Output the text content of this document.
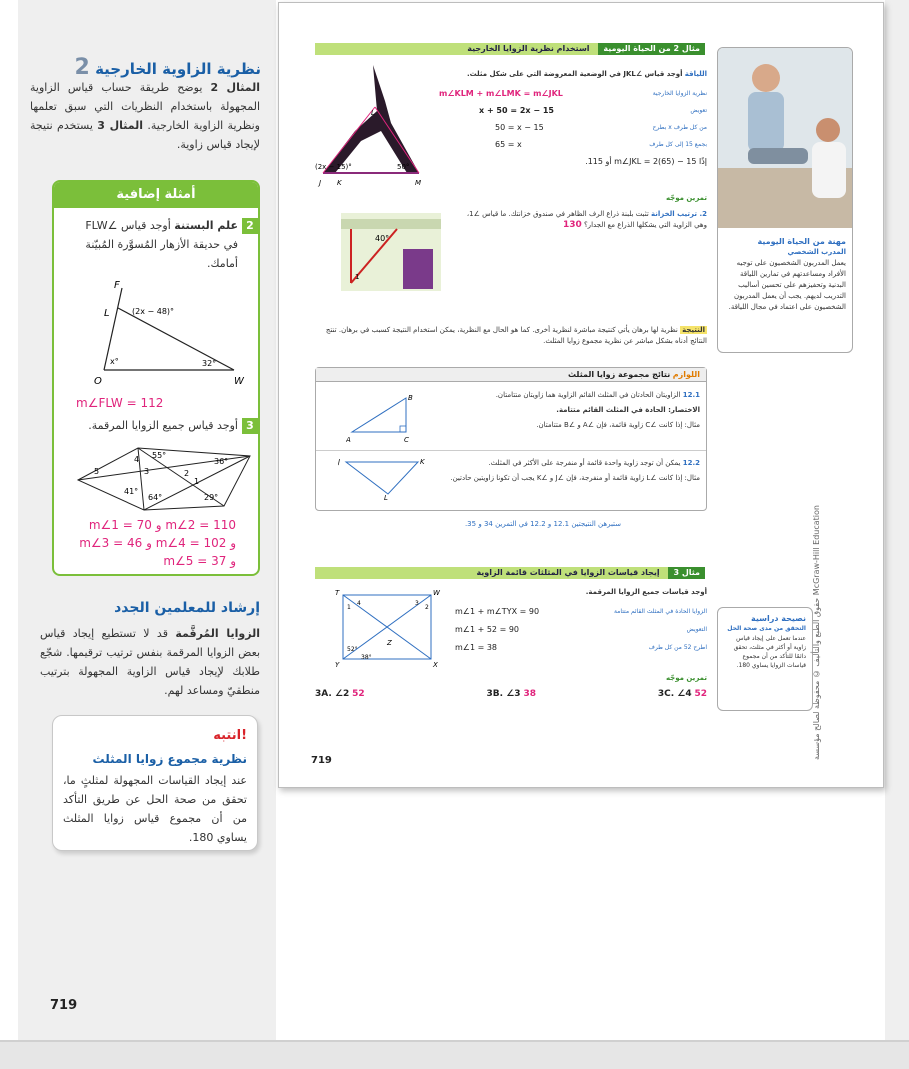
نظرية الزاوية الخارجية 2
المثال 2 يوضح طريقة حساب قياس الزاوية المجهولة باستخدام النظريات التي سبق تعلمها ونظرية الزاوية الخارجية. المثال 3 يستخدم نتيجة لإيجاد قياس زاوية.
أمثلة إضافية
2
علم البستنة أوجد قياس ∠FLW في حديقة الأزهار المُسوَّرة المُبيّنة أمامك.
F
L
O	W
(2x − 48)°
x°	32°
m∠FLW = 112
3
أوجد قياس جميع الزوايا المرقمة.
4 55°
5
36°
3	2
1
41°
64°	29°
m∠2 = 110 و m∠1 = 70
و m∠4 = 102 و m∠3 = 46
و m∠5 = 37
إرشاد للمعلمين الجدد
الزوايا المُرقَّمة قد لا تستطيع إيجاد قياس بعض الزوايا المرقمة بنفس ترتيب ترقيمها. شجّع طلابك لإيجاد قياس الزاوية المجهولة بترتيب منطقيّ ومساعد لهم.
انتبه!
نظرية مجموع زوايا المثلث
عند إيجاد القياسات المجهولة لمثلثٍ ما، تحقق من صحة الحل عن طريق التأكد من أن مجموع قياس زوايا المثلث يساوي 180.
719
مثال 2 من الحياة اليومية استخدام نظرية الزوايا الخارجية
(2x − 15)°	50°
J K
L
M
اللياقة أوجد قياس ∠JKL في الوضعية المعروضة التي على شكل مثلث.
m∠KLM + m∠LMK = m∠JKL	نظرية الزوايا الخارجية
x + 50 = 2x − 15	تعويض
50 = x − 15	بطرح x من كل طرف
65 = x	بجمع 15 إلى كل طرف
إذًا m∠JKL = 2(65) − 15 أو 115.
تمرين موجّه
40°
1
2. ترتيب الخزانة تثبت بلبنة ذراع الرف الظاهر في صندوق خزانتك. ما قياس ∠1، وهي الزاوية التي يشكلها الذراع مع الجدار؟ 130
مهنة من الحياة اليومية
المدرب الشخصي
يعمل المدربون الشخصيون على توجيه الأفراد ومساعدتهم في تمارين اللياقة البدنية وتحفيزهم على تحسين أساليب التدريب لديهم. يجب أن يعمل المدربون الشخصيون على اعتماد في مجال اللياقة.
النتيجة نظرية لها برهان يأتي كنتيجة مباشرة لنظرية أخرى. كما هو الحال مع النظرية، يمكن استخدام النتيجة كسبب في برهان. تنتج النتائج أدناه بشكل مباشر عن نظرية مجموع زوايا المثلث.
اللوازم نتائج مجموعة زوايا المثلث
A
B
C
12.1 الزاويتان الحادتان في المثلث القائم الزاوية هما زاويتان متتامتان.
الاختصار: الحادة في المثلث القائم متتامة.
مثال: إذا كانت ∠C زاوية قائمة، فإن ∠A و ∠B متتامتان.
J	K
L
12.2 يمكن أن توجد زاوية واحدة قائمة أو منفرجة على الأكثر في المثلث.
مثال: إذا كانت ∠L زاوية قائمة أو منفرجة، فإن ∠J و ∠K يجب أن تكونا زاويتين حادتين.
ستبرهن النتيجتين 12.1 و 12.2 في التمرين 34 و 35.
مثال 3 إيجاد قياسات الزوايا في المثلثات قائمة الزاوية
T	W
X
Y
Z
1	2
3
4
52°
38°
أوجد قياسات جميع الزوايا المرقمة.
m∠1 + m∠TYX = 90	الزوايا الحادة في المثلث القائم متتامة
m∠1 + 52 = 90	التعويض
m∠1 = 38	اطرح 52 من كل طرف
تمرين موجّه
3A. ∠2 52	3B. ∠3 38	3C. ∠4 52
نصيحة دراسية
التحقق من مدى صحة الحل
عندما تعمل على إيجاد قياس زاوية أو أكثر في مثلث، تحقق دائمًا للتأكد من أن مجموع قياسات الزوايا يساوي 180.
719
حقوق الطبع والتأليف © محفوظة لصالح مؤسسة McGraw-Hill Education
